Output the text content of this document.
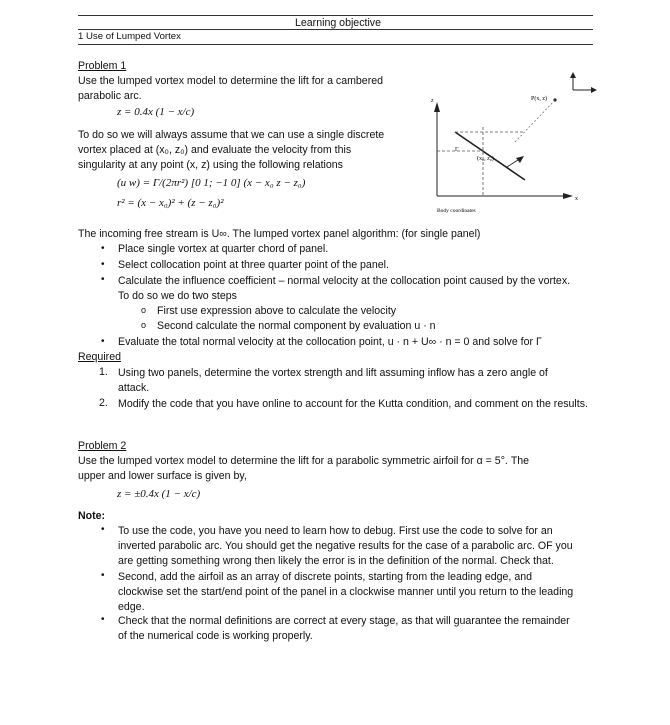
Learning objective
1 Use of Lumped Vortex
Problem 1
Use the lumped vortex model to determine the lift for a cambered
parabolic arc.
z = 0.4x (1 − x/c)
To do so we will always assume that we can use a single discrete
vortex placed at (x₀, z₀) and evaluate the velocity from this
singularity at any point (x, z) using the following relations
(u w) = Γ/(2πr²) [0 1; −1 0] (x − x₀ z − z₀)
r² = (x − x₀)² + (z − z₀)²
P(x, z)
(x₀, z₀)
Γ
z
x
Body coordinates
The incoming free stream is U∞. The lumped vortex panel algorithm: (for single panel)
• Place single vortex at quarter chord of panel.
• Select collocation point at three quarter point of the panel.
• Calculate the influence coefficient – normal velocity at the collocation point caused by the vortex. To do so we do two steps
o First use expression above to calculate the velocity
o Second calculate the normal component by evaluation u · n
• Evaluate the total normal velocity at the collocation point, u · n + U∞ · n = 0 and solve for Γ
Required
1. Using two panels, determine the vortex strength and lift assuming inflow has a zero angle of attack.
2. Modify the code that you have online to account for the Kutta condition, and comment on the results.
Problem 2
Use the lumped vortex model to determine the lift for a parabolic symmetric airfoil for α = 5°. The
upper and lower surface is given by,
z = ±0.4x (1 − x/c)
Note:
• To use the code, you have you need to learn how to debug. First use the code to solve for an inverted parabolic arc. You should get the negative results for the case of a parabolic arc. OF you are getting something wrong then likely the error is in the definition of the normal. Check that.
• Second, add the airfoil as an array of discrete points, starting from the leading edge, and clockwise set the start/end point of the panel in a clockwise manner until you return to the leading edge.
• Check that the normal definitions are correct at every stage, as that will guarantee the remainder of the numerical code is working properly.
